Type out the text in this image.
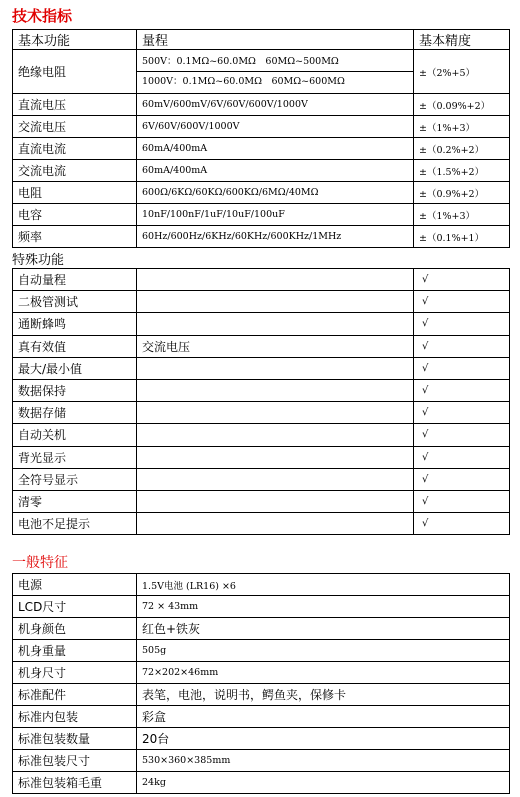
技术指标
基本功能	量程	基本精度
绝缘电阻	500V：0.1MΩ~60.0MΩ　60MΩ~500MΩ
1000V：0.1MΩ~60.0MΩ　60MΩ~600MΩ	±（2%+5）
直流电压	60mV/600mV/6V/60V/600V/1000V	±（0.09%+2）
交流电压	6V/60V/600V/1000V	±（1%+3）
直流电流	60mA/400mA	±（0.2%+2）
交流电流	60mA/400mA	±（1.5%+2）
电阻	600Ω/6KΩ/60KΩ/600KΩ/6MΩ/40MΩ	±（0.9%+2）
电容	10nF/100nF/1uF/10uF/100uF	±（1%+3）
频率	60Hz/600Hz/6KHz/60KHz/600KHz/1MHz	±（0.1%+1）
特殊功能
自动量程		√
二极管测试		√
通断蜂鸣		√
真有效值	交流电压	√
最大/最小值		√
数据保持		√
数据存储		√
自动关机		√
背光显示		√
全符号显示		√
清零		√
电池不足提示		√
一般特征
电源	1.5V电池 (LR16) ×6
LCD尺寸	72 × 43mm
机身颜色	红色+铁灰
机身重量	505g
机身尺寸	72×202×46mm
标准配件	表笔，电池，说明书，鳄鱼夹，保修卡
标准内包装	彩盒
标准包装数量	20台
标准包装尺寸	530×360×385mm
标准包装箱毛重	24kg
